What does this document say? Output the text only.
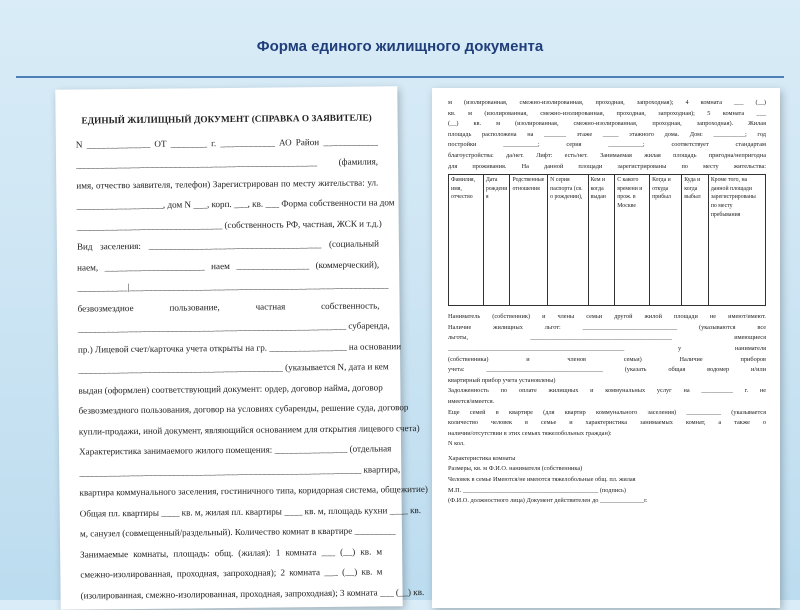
Форма единого жилищного документа
ЕДИНЫЙ ЖИЛИЩНЫЙ ДОКУМЕНТ (СПРАВКА О ЗАЯВИТЕЛЕ)
N ______________ ОТ ________ г. ____________ АО Район ____________
_____________________________________________________ (фамилия,
имя, отчество заявителя, телефон) Зарегистрирован по месту жительства: ул.
___________________, дом N ___, корп. ___, кв. ___ Форма собственности на дом
________________________________ (собственность РФ, частная, ЖСК и т.д.)
Вид заселения: ______________________________________ (социальный
наем, ______________________ наем ________________ (коммерческий),
___________|_________________________________________________________
безвозмездное пользование, частная собственность,
___________________________________________________________ субаренда,
пр.) Лицевой счет/карточка учета открыты на гр. _________________ на основании
_____________________________________________ (указывается N, дата и кем
выдан (оформлен) соответствующий документ: ордер, договор найма, договор
безвозмездного пользования, договор на условиях субаренды, решение суда, договор
купли-продажи, иной документ, являющийся основанием для открытия лицевого счета)
Характеристика занимаемого жилого помещения: ________________ (отдельная
______________________________________________________________ квартира,
квартира коммунального заселения, гостиничного типа, коридорная система, общежитие)
Общая пл. квартиры ____ кв. м, жилая пл. квартиры ____ кв. м, площадь кухни ____ кв.
м, санузел (совмещенный/раздельный). Количество комнат в квартире _________
Занимаемые комнаты, площадь: общ. (жилая): 1 комната ___ (__) кв. м
смежно-изолированная, проходная, запроходная); 2 комната ___ (__) кв. м
(изолированная, смежно-изолированная, проходная, запроходная); 3 комната ___ (__) кв.
м (изолированная, смежно-изолированная, проходная, запроходная); 4 комната ___ (__)
кв. м (изолированная, смежно-изолированная, проходная, запроходная); 5 комната ___
(__) кв. м (изолированная, смежно-изолированная, проходная, запроходная). Жилая
площадь расположена на _______ этаже _____ этажного дома. Дом: __________; год
постройки ___________; серия ___________; соответствует стандартам
благоустройства: да/нет. Лифт: есть/нет. Занимаемая жилая площадь пригодна/непригодна
для проживания. На данной площади зарегистрированы по месту жительства:
Фамилия, имя, отчество	Дата рождения	Родственные отношения	N серия паспорта (св. о рождении),	Кем и когда выдан	С какого времени и прож. в Москве	Когда и откуда прибыл	Куда и когда выбыл	Кроме того, на данной площади зарегистрированы по месту пребывания
Наниматель (собственник) и члены семьи другой жилой площади не имеют/имеют.
Наличие жилищных льгот: ______________________________ (указываются все
льготы, _____________________________________________ имеющиеся
________________________________________________________ у нанимателя
(собственника) и членов семьи) Наличие приборов
учета: _____________________________________ (указать общая водомер и/или
квартирный прибор учета установлены)
Задолженность по оплате жилищных и коммунальных услуг на __________ г. не
имеется/имеется.
Еще семей в квартире (для квартир коммунального заселения) ___________ (указывается
количество человек в семье и характеристика занимаемых комнат, а также о
наличии/отсутствии в этих семьях тяжелобольных граждан):
N кол.
Характеристика комнаты
Размеры, кв. м Ф.И.О. нанимателя (собственника)
Человек в семье Имеются/не имеются тяжелобольные общ. пл. жилая
М.П. ___________________________________________ (подпись)
(Ф.И.О. должностного лица) Документ действителен до ______________г.
